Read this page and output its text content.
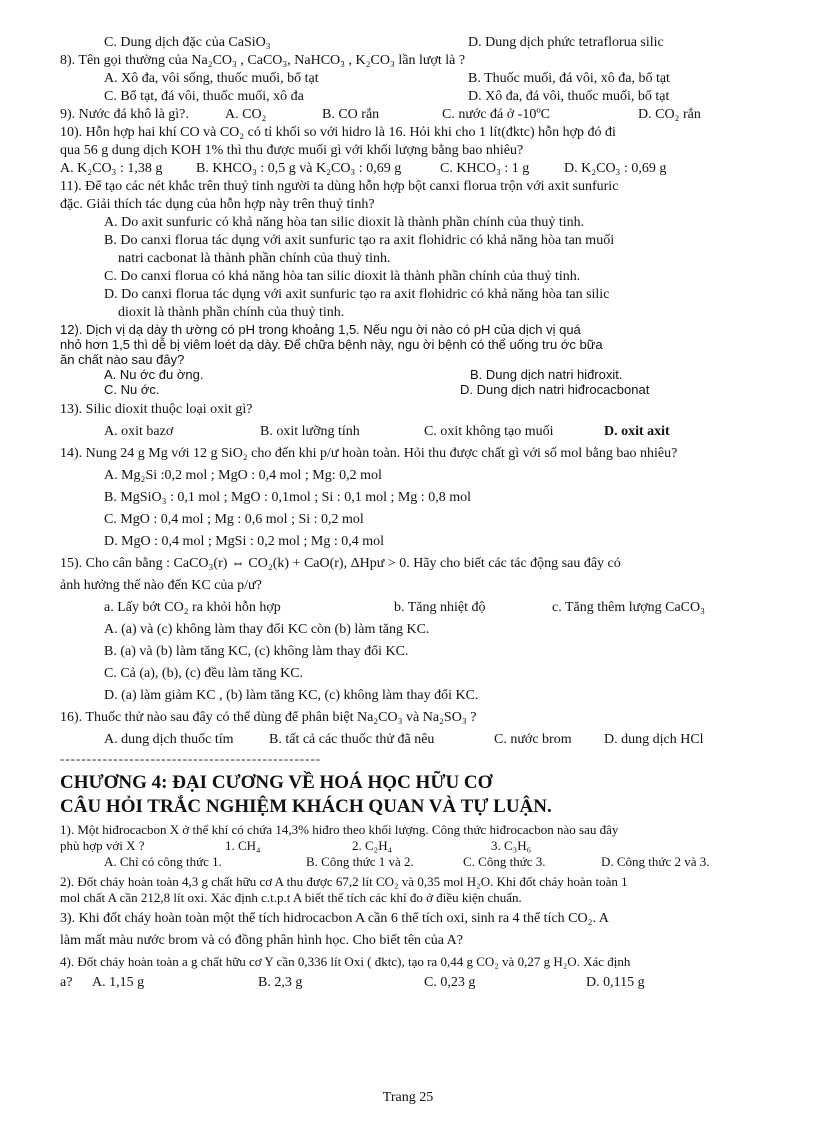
C. Dung dịch đặc của CaSiO₃	D. Dung dịch phức tetraflorua silic
8). Tên gọi thường của Na₂CO₃ , CaCO₃, NaHCO₃ , K₂CO₃ lần lượt là ?
A. Xô đa, vôi sống, thuốc muối, bổ tạt	B. Thuốc muối, đá vôi, xô đa, bổ tạt
C. Bổ tạt, đá vôi, thuốc muối, xô đa	D. Xô đa, đá vôi, thuốc muối, bổ tạt
9). Nước đá khô là gì?.	A. CO₂	B. CO rắn	C. nước đá ở -10ºC	D. CO₂ rắn
10). Hỗn hợp hai khí CO và CO₂ có tỉ khối so với hidro là 16. Hỏi khi cho 1 lít(đktc) hỗn hợp đó đi
qua 56 g dung dịch KOH 1% thì thu được muối gì với khối lượng bằng bao nhiêu?
A. K₂CO₃ : 1,38 g	B. KHCO₃ : 0,5 g và K₂CO₃ : 0,69 g	C. KHCO₃ : 1 g	D. K₂CO₃ : 0,69 g
11). Để tạo các nét khắc trên thuỷ tinh người ta dùng hỗn hợp bột canxi florua trộn với axit sunfuric
đặc. Giải thích tác dụng của hỗn hợp này trên thuỷ tinh?
A. Do axit sunfuric có khả năng hòa tan silic dioxit là thành phần chính của thuỷ tinh.
B. Do canxi florua tác dụng với axit sunfuric tạo ra axit flohidric có khả năng hòa tan muối
natri cacbonat là thành phần chính của thuỷ tinh.
C. Do canxi florua có khả năng hòa tan silic dioxit là thành phần chính của thuỷ tinh.
D. Do canxi florua tác dụng với axit sunfuric tạo ra axit flohidric có khả năng hòa tan silic
dioxit là thành phần chính của thuỷ tinh.
12). Dịch vị dạ dày th ường có pH trong khoảng 1,5. Nếu ngu ời nào có pH của dịch vị quá
nhỏ hơn 1,5 thì dễ bị viêm loét dạ dày. Để chữa bệnh này, ngu ời bệnh có thể uống tru ớc bữa
ăn chất nào sau đây?
A. Nu ớc đu ờng.	B. Dung dịch natri hiđroxit.
C. Nu ớc.	D. Dung dịch natri hiđrocacbonat
13). Silic dioxit thuộc loại oxit gì?
A. oxit bazơ	B. oxit lưỡng tính	C. oxit không tạo muối	D. oxit axit
14). Nung 24 g Mg với 12 g SiO₂ cho đến khi p/ư hoàn toàn. Hỏi thu được chất gì với số mol bằng bao nhiêu?
A. Mg₂Si :0,2 mol ; MgO : 0,4 mol ; Mg: 0,2 mol
B. MgSiO₃ : 0,1 mol ; MgO : 0,1mol ; Si : 0,1 mol ; Mg : 0,8 mol
C. MgO : 0,4 mol ; Mg : 0,6 mol ; Si : 0,2 mol
D. MgO : 0,4 mol ; MgSi : 0,2 mol ; Mg : 0,4 mol
15). Cho cân bằng : CaCO₃(r) ⇔ CO₂(k) + CaO(r), ΔHpư > 0. Hãy cho biết các tác động sau đây có
ảnh hưởng thế nào đến KC của p/ư?
a. Lấy bớt CO₂ ra khỏi hỗn hợp	b. Tăng nhiệt độ	c. Tăng thêm lượng CaCO₃
A. (a) và (c) không làm thay đổi KC còn (b) làm tăng KC.
B. (a) và (b) làm tăng KC, (c) không làm thay đổi KC.
C. Cả (a), (b), (c) đều làm tăng KC.
D. (a) làm giảm KC , (b) làm tăng KC, (c) không làm thay đổi KC.
16). Thuốc thử nào sau đây có thể dùng để phân biệt Na₂CO₃ và Na₂SO₃ ?
A. dung dịch thuốc tím	B. tất cả các thuốc thử đã nêu	C. nước brom	D. dung dịch HCl
-------------------------------------------------
CHƯƠNG 4: ĐẠI CƯƠNG VỀ HOÁ HỌC HỮU CƠ
CÂU HỎI TRẮC NGHIỆM KHÁCH QUAN VÀ TỰ LUẬN.
1). Một hiđrocacbon X ở thể khí có chứa 14,3% hiđro theo khối lượng. Công thức hiđrocacbon nào sau đây
phù hợp với X ?	1. CH₄	2. C₂H₄	3. C₃H₆
A. Chỉ có công thức 1.	B. Công thức 1 và 2.	C. Công thức 3.	D. Công thức 2 và 3.
2). Đốt cháy hoàn toàn 4,3 g chất hữu cơ A thu được 67,2 lít CO₂ và 0,35 mol H₂O. Khi đốt cháy hoàn toàn 1
mol chất A cần 212,8 lít oxi. Xác định c.t.p.t A biết thể tích các khí đo ở điều kiện chuẩn.
3). Khi đốt cháy hoàn toàn một thể tích hidrocacbon A cần 6 thể tích oxi, sinh ra 4 thể tích CO₂. A
làm mất màu nước brom và có đồng phân hình học. Cho biết tên của A?
4). Đốt cháy hoàn toàn a g chất hữu cơ Y cần 0,336 lít Oxi ( đktc), tạo ra 0,44 g CO₂ và 0,27 g H₂O. Xác định
a?	A. 1,15 g	B. 2,3 g	C. 0,23 g	D. 0,115 g
Trang 25
